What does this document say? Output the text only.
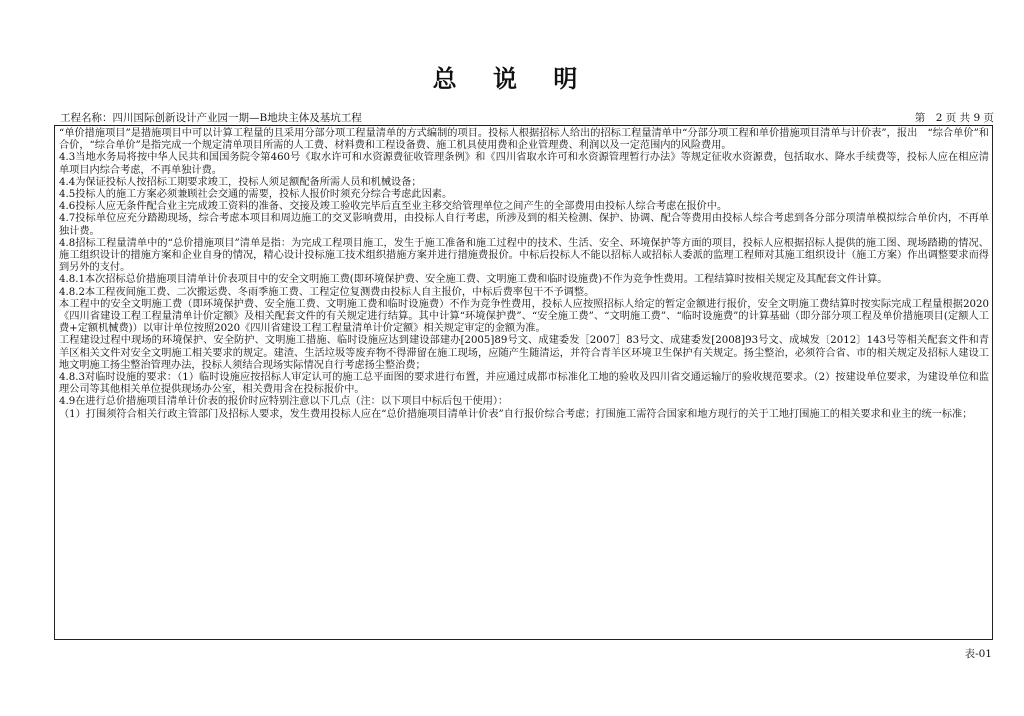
总 说 明
工程名称：四川国际创新设计产业园一期—B地块主体及基坑工程	第　2 页 共 9 页

“单价措施项目”是措施项目中可以计算工程量的且采用分部分项工程量清单的方式编制的项目。投标人根据招标人给出的招标工程量清单中“分部分项工程和单价措施项目清单与计价表”，报出　“综合单价”和合价，“综合单价”是指完成一个规定清单项目所需的人工费、材料费和工程设备费、施工机具使用费和企业管理费、利润以及一定范围内的风险费用。

4.3当地水务局将按中华人民共和国国务院令第460号《取水许可和水资源费征收管理条例》和《四川省取水许可和水资源管理暂行办法》等规定征收水资源费，包括取水、降水手续费等，投标人应在相应清单项目内综合考虑，不再单独计费。

4.4为保证投标人按招标工期要求竣工，投标人须足额配备所需人员和机械设备；

4.5投标人的施工方案必须兼顾社会交通的需要，投标人报价时须充分综合考虑此因素。

4.6投标人应无条件配合业主完成竣工资料的准备、交接及竣工验收完毕后直至业主移交给管理单位之间产生的全部费用由投标人综合考虑在报价中。

4.7投标单位应充分踏勘现场，综合考虑本项目和周边施工的交叉影响费用，由投标人自行考虑，所涉及到的相关检测、保护、协调、配合等费用由投标人综合考虑到各分部分项清单模拟综合单价内，不再单独计费。

4.8招标工程量清单中的“总价措施项目”清单是指：为完成工程项目施工，发生于施工准备和施工过程中的技术、生活、安全、环境保护等方面的项目，投标人应根据招标人提供的施工图、现场踏勘的情况、施工组织设计的措施方案和企业自身的情况，精心设计投标施工技术组织措施方案并进行措施费报价。中标后投标人不能以招标人或招标人委派的监理工程师对其施工组织设计（施工方案）作出调整要求而得到另外的支付。

4.8.1本次招标总价措施项目清单计价表项目中的安全文明施工费(即环境保护费、安全施工费、文明施工费和临时设施费)不作为竞争性费用。工程结算时按相关规定及其配套文件计算。

4.8.2本工程夜间施工费、二次搬运费、冬雨季施工费、工程定位复测费由投标人自主报价，中标后费率包干不予调整。

本工程中的安全文明施工费（即环境保护费、安全施工费、文明施工费和临时设施费）不作为竞争性费用，投标人应按照招标人给定的暂定金额进行报价，安全文明施工费结算时按实际完成工程量根据2020《四川省建设工程工程量清单计价定额》及相关配套文件的有关规定进行结算。其中计算“环境保护费”、“安全施工费”、“文明施工费”、“临时设施费”的计算基础（即分部分项工程及单价措施项目(定额人工费+定额机械费)）以审计单位按照2020《四川省建设工程工程量清单计价定额》相关规定审定的金额为准。

工程建设过程中现场的环境保护、安全防护、文明施工措施、临时设施应达到建设部建办[2005]89号文、成建委发［2007］83号文、成建委发[2008]93号文、成城发〔2012〕143号等相关配套文件和青羊区相关文件对安全文明施工相关要求的规定。建渣、生活垃圾等废弃物不得滞留在施工现场，应随产生随清运，并符合青羊区环境卫生保护有关规定。扬尘整治，必须符合省、市的相关规定及招标人建设工地文明施工扬尘整治管理办法，投标人须结合现场实际情况自行考虑扬尘整治费；

4.8.3对临时设施的要求：（1）临时设施应按招标人审定认可的施工总平面图的要求进行布置，并应通过成都市标准化工地的验收及四川省交通运输厅的验收规范要求。（2）按建设单位要求，为建设单位和监理公司等其他相关单位提供现场办公室，相关费用含在投标报价中。

4.9在进行总价措施项目清单计价表的报价时应特别注意以下几点（注：以下项目中标后包干使用）：

（1）打围须符合相关行政主管部门及招标人要求，发生费用投标人应在“总价措施项目清单计价表”自行报价综合考虑；打围施工需符合国家和地方现行的关于工地打围施工的相关要求和业主的统一标准；

表-01
